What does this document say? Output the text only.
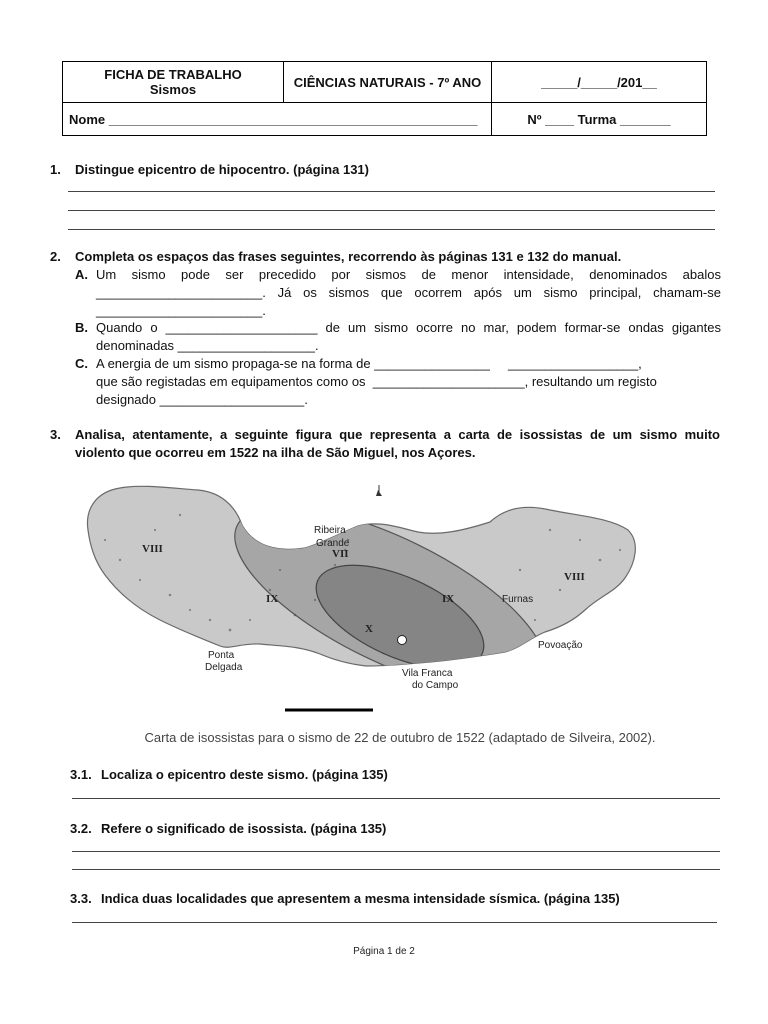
FICHA DE TRABALHO
Sismos	CIÊNCIAS NATURAIS - 7º ANO	_____/_____/201__
Nome ___________________________________________________		Nº ____ Turma _______
1. Distingue epicentro de hipocentro. (página 131)
2. Completa os espaços das frases seguintes, recorrendo às páginas 131 e 132 do manual.
A. Um sismo pode ser precedido por sismos de menor intensidade, denominados abalos
_______________________. Já os sismos que ocorrem após um sismo principal, chamam-se
_______________________.
B. Quando o _____________________ de um sismo ocorre no mar, podem formar-se ondas gigantes
denominadas ___________________.
C. A energia de um sismo propaga-se na forma de ________________     __________________,
que são registadas em equipamentos como os  _____________________, resultando um registo
designado ____________________.
3. Analisa, atentamente, a seguinte figura que representa a carta de isossistas de um sismo muito
violento que ocorreu em 1522 na ilha de São Miguel, nos Açores.
VIII
VIII
VII
IX	IX
X
Ribeira
Grande
Ponta
Delgada
Vila Franca
do Campo
Furnas
Povoação
Carta de isossistas para o sismo de 22 de outubro de 1522 (adaptado de Silveira, 2002).
3.1. Localiza o epicentro deste sismo. (página 135)
3.2. Refere o significado de isossista. (página 135)
3.3. Indica duas localidades que apresentem a mesma intensidade sísmica. (página 135)
Página 1 de 2
